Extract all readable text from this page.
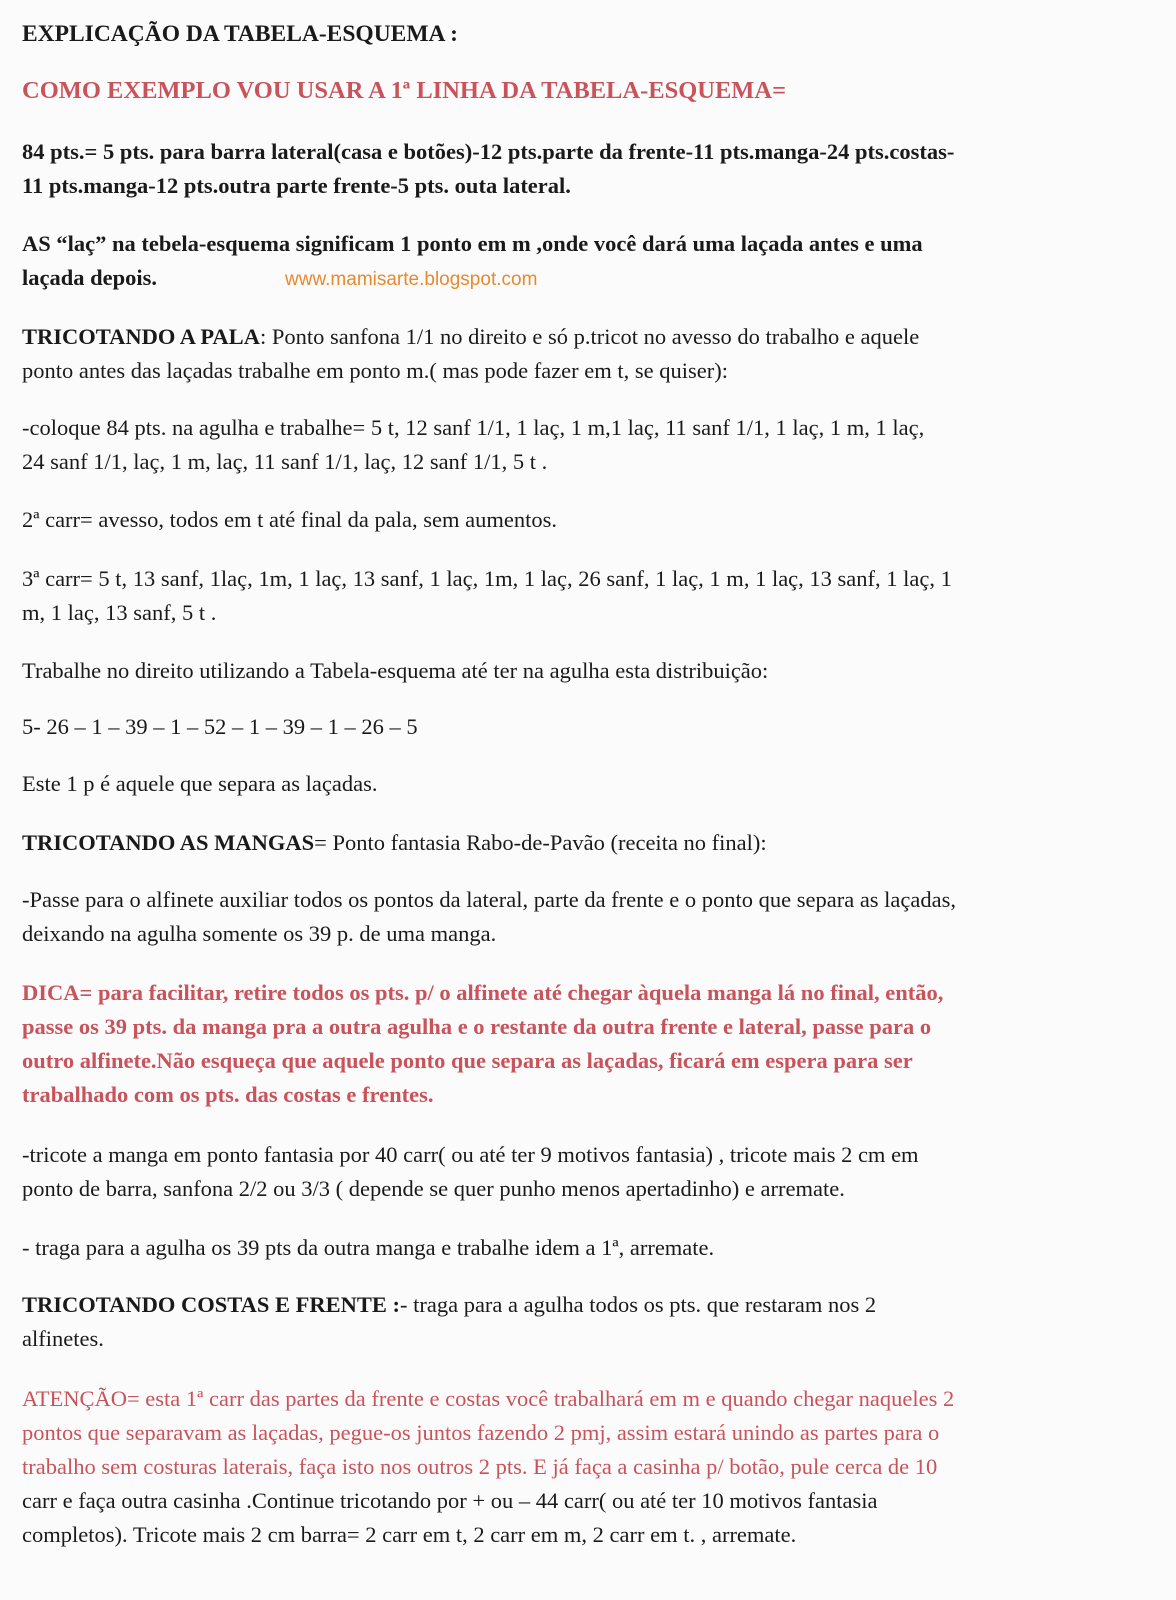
EXPLICAÇÃO DA TABELA-ESQUEMA :

COMO EXEMPLO VOU USAR A 1ª LINHA DA TABELA-ESQUEMA=

84 pts.= 5 pts. para barra lateral(casa e botões)-12 pts.parte da frente-11 pts.manga-24 pts.costas-
11 pts.manga-12 pts.outra parte frente-5 pts. outa lateral.

AS “laç” na tebela-esquema significam 1 ponto em m ,onde você dará uma laçada antes e uma
laçada depois.	www.mamisarte.blogspot.com

TRICOTANDO A PALA: Ponto sanfona 1/1 no direito e só p.tricot no avesso do trabalho e aquele
ponto antes das laçadas trabalhe em ponto m.( mas pode fazer em t, se quiser):

-coloque 84 pts. na agulha e trabalhe= 5 t, 12 sanf 1/1, 1 laç, 1 m,1 laç, 11 sanf 1/1, 1 laç, 1 m, 1 laç,
24 sanf 1/1, laç, 1 m, laç, 11 sanf 1/1, laç, 12 sanf 1/1, 5 t .

2ª carr= avesso, todos em t até final da pala, sem aumentos.

3ª carr= 5 t, 13 sanf, 1laç, 1m, 1 laç, 13 sanf, 1 laç, 1m, 1 laç, 26 sanf, 1 laç, 1 m, 1 laç, 13 sanf, 1 laç, 1
m, 1 laç, 13 sanf, 5 t .

Trabalhe no direito utilizando a Tabela-esquema até ter na agulha esta distribuição:

5- 26 – 1 – 39 – 1 – 52 – 1 – 39 – 1 – 26 – 5

Este 1 p é aquele que separa as laçadas.

TRICOTANDO AS MANGAS= Ponto fantasia Rabo-de-Pavão (receita no final):

-Passe para o alfinete auxiliar todos os pontos da lateral, parte da frente e o ponto que separa as laçadas,
deixando na agulha somente os 39 p. de uma manga.

DICA= para facilitar, retire todos os pts. p/ o alfinete até chegar àquela manga lá no final, então,
passe os 39 pts. da manga pra a outra agulha e o restante da outra frente e lateral, passe para o
outro alfinete.Não esqueça que aquele ponto que separa as laçadas, ficará em espera para ser
trabalhado com os pts. das costas e frentes.

-tricote a manga em ponto fantasia por 40 carr( ou até ter 9 motivos fantasia) , tricote mais 2 cm em
ponto de barra, sanfona 2/2 ou 3/3 ( depende se quer punho menos apertadinho) e arremate.

- traga para a agulha os 39 pts da outra manga e trabalhe idem a 1ª, arremate.

TRICOTANDO COSTAS E FRENTE :- traga para a agulha todos os pts. que restaram nos 2
alfinetes.

ATENÇÃO= esta 1ª carr das partes da frente e costas você trabalhará em m e quando chegar naqueles 2
pontos que separavam as laçadas, pegue-os juntos fazendo 2 pmj, assim estará unindo as partes para o
trabalho sem costuras laterais, faça isto nos outros 2 pts. E já faça a casinha p/ botão, pule cerca de 10
carr e faça outra casinha .Continue tricotando por + ou – 44 carr( ou até ter 10 motivos fantasia
completos). Tricote mais 2 cm barra= 2 carr em t, 2 carr em m, 2 carr em t. , arremate.
